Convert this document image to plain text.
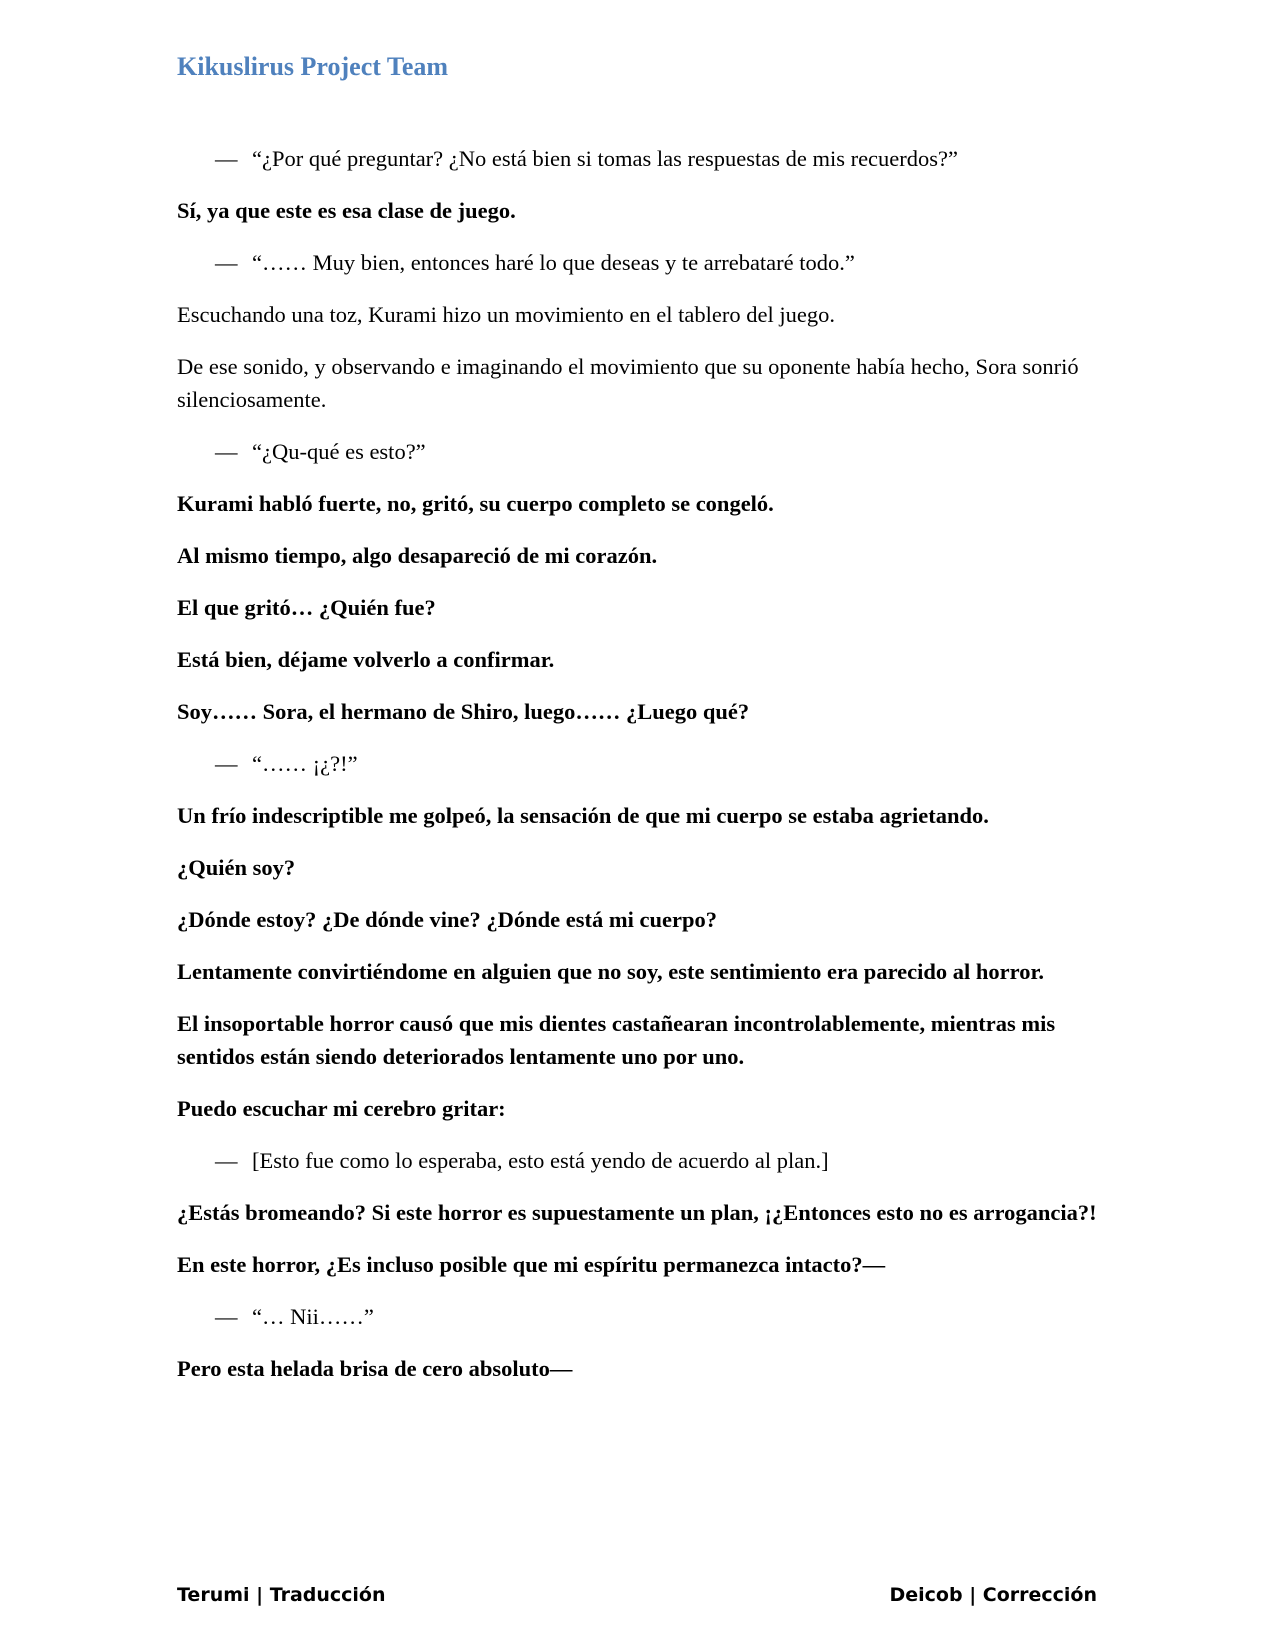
Kikuslirus Project Team

— “¿Por qué preguntar? ¿No está bien si tomas las respuestas de mis recuerdos?”

Sí, ya que este es esa clase de juego.

— “…… Muy bien, entonces haré lo que deseas y te arrebataré todo.”

Escuchando una toz, Kurami hizo un movimiento en el tablero del juego.

De ese sonido, y observando e imaginando el movimiento que su oponente había hecho, Sora sonrió silenciosamente.

— “¿Qu-qué es esto?”

Kurami habló fuerte, no, gritó, su cuerpo completo se congeló.

Al mismo tiempo, algo desapareció de mi corazón.

El que gritó… ¿Quién fue?

Está bien, déjame volverlo a confirmar.

Soy…… Sora, el hermano de Shiro, luego…… ¿Luego qué?

— “…… ¡¿?!”

Un frío indescriptible me golpeó, la sensación de que mi cuerpo se estaba agrietando.

¿Quién soy?

¿Dónde estoy? ¿De dónde vine? ¿Dónde está mi cuerpo?

Lentamente convirtiéndome en alguien que no soy, este sentimiento era parecido al horror.

El insoportable horror causó que mis dientes castañearan incontrolablemente, mientras mis sentidos están siendo deteriorados lentamente uno por uno.

Puedo escuchar mi cerebro gritar:

— [Esto fue como lo esperaba, esto está yendo de acuerdo al plan.]

¿Estás bromeando? Si este horror es supuestamente un plan, ¡¿Entonces esto no es arrogancia?!

En este horror, ¿Es incluso posible que mi espíritu permanezca intacto?—

— “… Nii……”

Pero esta helada brisa de cero absoluto—

Terumi | Traducción	Deicob | Corrección
